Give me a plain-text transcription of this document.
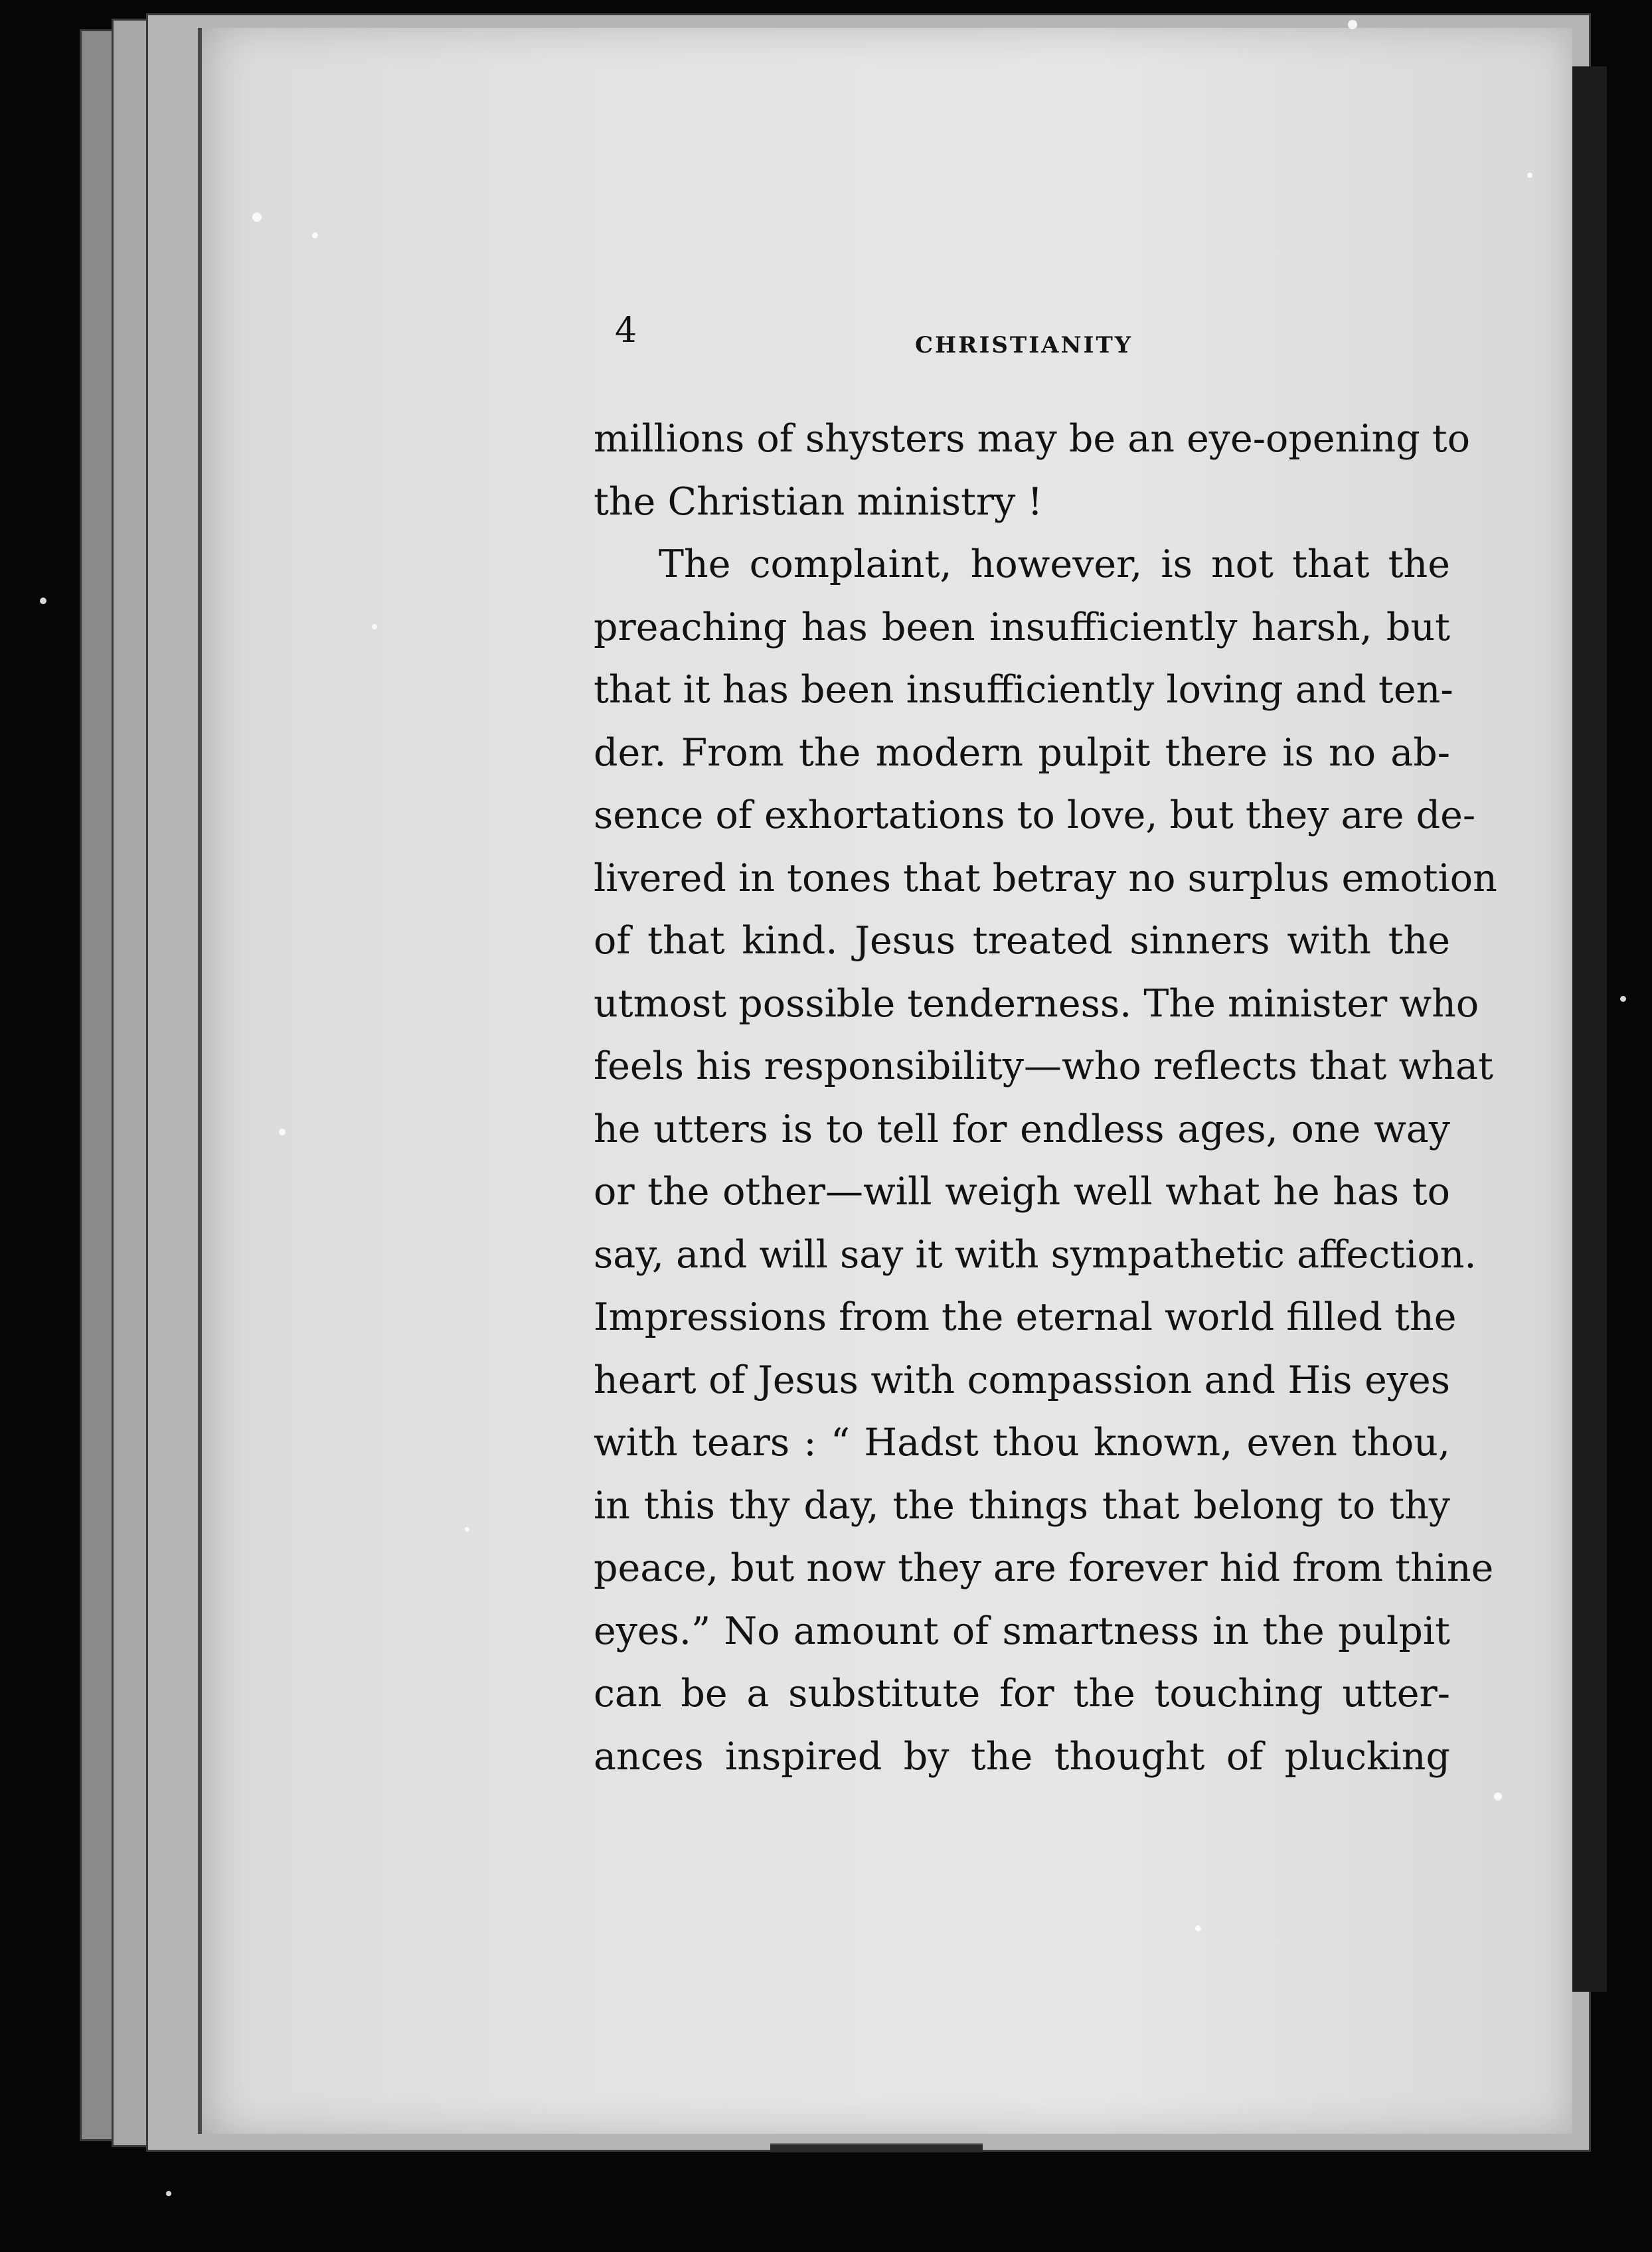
4	CHRISTIANITY
millions of shysters may be an eye-opening to
the Christian ministry !
The complaint, however, is not that the
preaching has been insufficiently harsh, but
that it has been insufficiently loving and ten-
der. From the modern pulpit there is no ab-
sence of exhortations to love, but they are de-
livered in tones that betray no surplus emotion
of that kind. Jesus treated sinners with the
utmost possible tenderness. The minister who
feels his responsibility—who reflects that what
he utters is to tell for endless ages, one way
or the other—will weigh well what he has to
say, and will say it with sympathetic affection.
Impressions from the eternal world filled the
heart of Jesus with compassion and His eyes
with tears : “ Hadst thou known, even thou,
in this thy day, the things that belong to thy
peace, but now they are forever hid from thine
eyes.” No amount of smartness in the pulpit
can be a substitute for the touching utter-
ances inspired by the thought of plucking
